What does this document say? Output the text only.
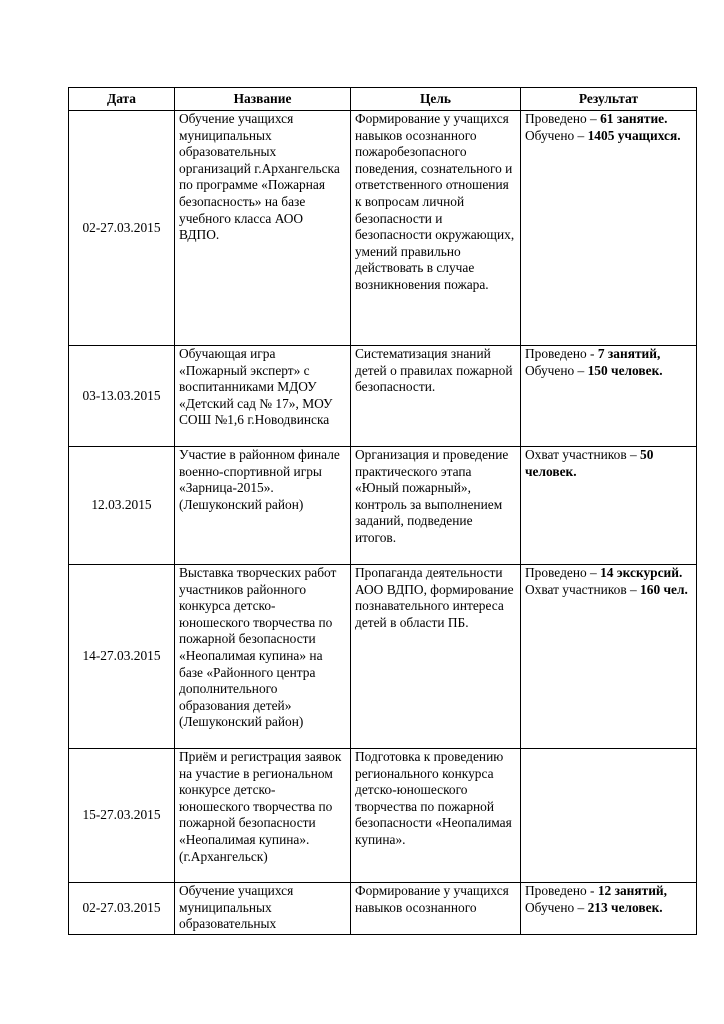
Дата	Название	Цель	Результат
02-27.03.2015	Обучение учащихся муниципальных образовательных организаций г.Архангельска по программе «Пожарная безопасность» на базе учебного класса АОО ВДПО.	Формирование у учащихся навыков осознанного пожаробезопасного поведения, сознательного и ответственного отношения к вопросам личной безопасности и безопасности окружающих, умений правильно действовать в случае возникновения пожара.	Проведено – 61 занятие. Обучено – 1405 учащихся.
03-13.03.2015	Обучающая игра «Пожарный эксперт» с воспитанниками МДОУ «Детский сад № 17», МОУ СОШ №1,6 г.Новодвинска	Систематизация знаний детей о правилах пожарной безопасности.	Проведено - 7 занятий, Обучено – 150 человек.
12.03.2015	Участие в районном финале военно-спортивной игры «Зарница-2015». (Лешуконский район)	Организация и проведение практического этапа «Юный пожарный», контроль за выполнением заданий, подведение итогов.	Охват участников – 50 человек.
14-27.03.2015	Выставка творческих работ участников районного конкурса детско-юношеского творчества по пожарной безопасности «Неопалимая купина» на базе «Районного центра дополнительного образования детей» (Лешуконский район)	Пропаганда деятельности АОО ВДПО, формирование познавательного интереса детей в области ПБ.	Проведено – 14 экскурсий. Охват участников – 160 чел.
15-27.03.2015	Приём и регистрация заявок на участие в региональном конкурсе детско-юношеского творчества по пожарной безопасности «Неопалимая купина». (г.Архангельск)	Подготовка к проведению регионального конкурса детско-юношеского творчества по пожарной безопасности «Неопалимая купина».	
02-27.03.2015	Обучение учащихся муниципальных образовательных	Формирование у учащихся навыков осознанного	Проведено - 12 занятий, Обучено – 213 человек.
